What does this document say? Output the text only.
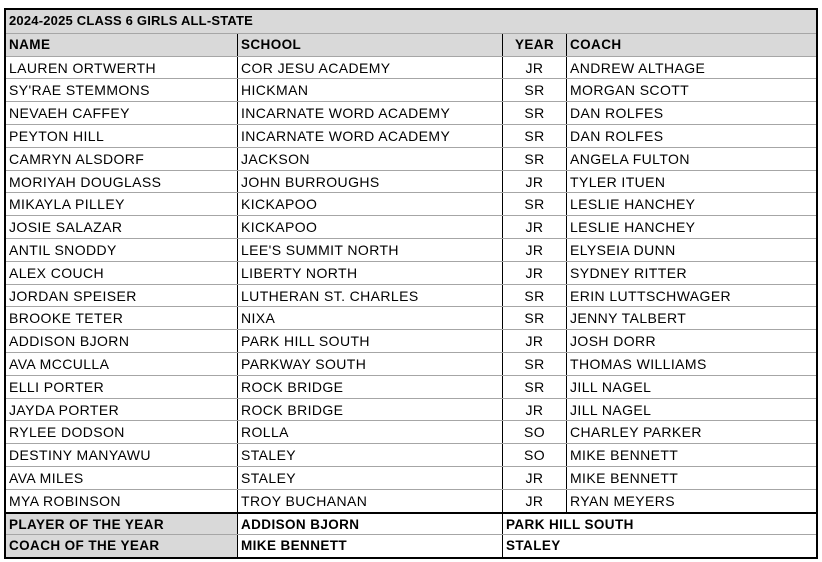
2024-2025 CLASS 6 GIRLS ALL-STATE
NAME	SCHOOL	YEAR	COACH
LAUREN ORTWERTH	COR JESU ACADEMY	JR	ANDREW ALTHAGE
SY'RAE STEMMONS	HICKMAN	SR	MORGAN SCOTT
NEVAEH CAFFEY	INCARNATE WORD ACADEMY	SR	DAN ROLFES
PEYTON HILL	INCARNATE WORD ACADEMY	SR	DAN ROLFES
CAMRYN ALSDORF	JACKSON	SR	ANGELA FULTON
MORIYAH DOUGLASS	JOHN BURROUGHS	JR	TYLER ITUEN
MIKAYLA PILLEY	KICKAPOO	SR	LESLIE HANCHEY
JOSIE SALAZAR	KICKAPOO	JR	LESLIE HANCHEY
ANTIL SNODDY	LEE'S SUMMIT NORTH	JR	ELYSEIA DUNN
ALEX COUCH	LIBERTY NORTH	JR	SYDNEY RITTER
JORDAN SPEISER	LUTHERAN ST. CHARLES	SR	ERIN LUTTSCHWAGER
BROOKE TETER	NIXA	SR	JENNY TALBERT
ADDISON BJORN	PARK HILL SOUTH	JR	JOSH DORR
AVA MCCULLA	PARKWAY SOUTH	SR	THOMAS WILLIAMS
ELLI PORTER	ROCK BRIDGE	SR	JILL NAGEL
JAYDA PORTER	ROCK BRIDGE	JR	JILL NAGEL
RYLEE DODSON	ROLLA	SO	CHARLEY PARKER
DESTINY MANYAWU	STALEY	SO	MIKE BENNETT
AVA MILES	STALEY	JR	MIKE BENNETT
MYA ROBINSON	TROY BUCHANAN	JR	RYAN MEYERS
PLAYER OF THE YEAR	ADDISON BJORN	PARK HILL SOUTH
COACH OF THE YEAR	MIKE BENNETT	STALEY
